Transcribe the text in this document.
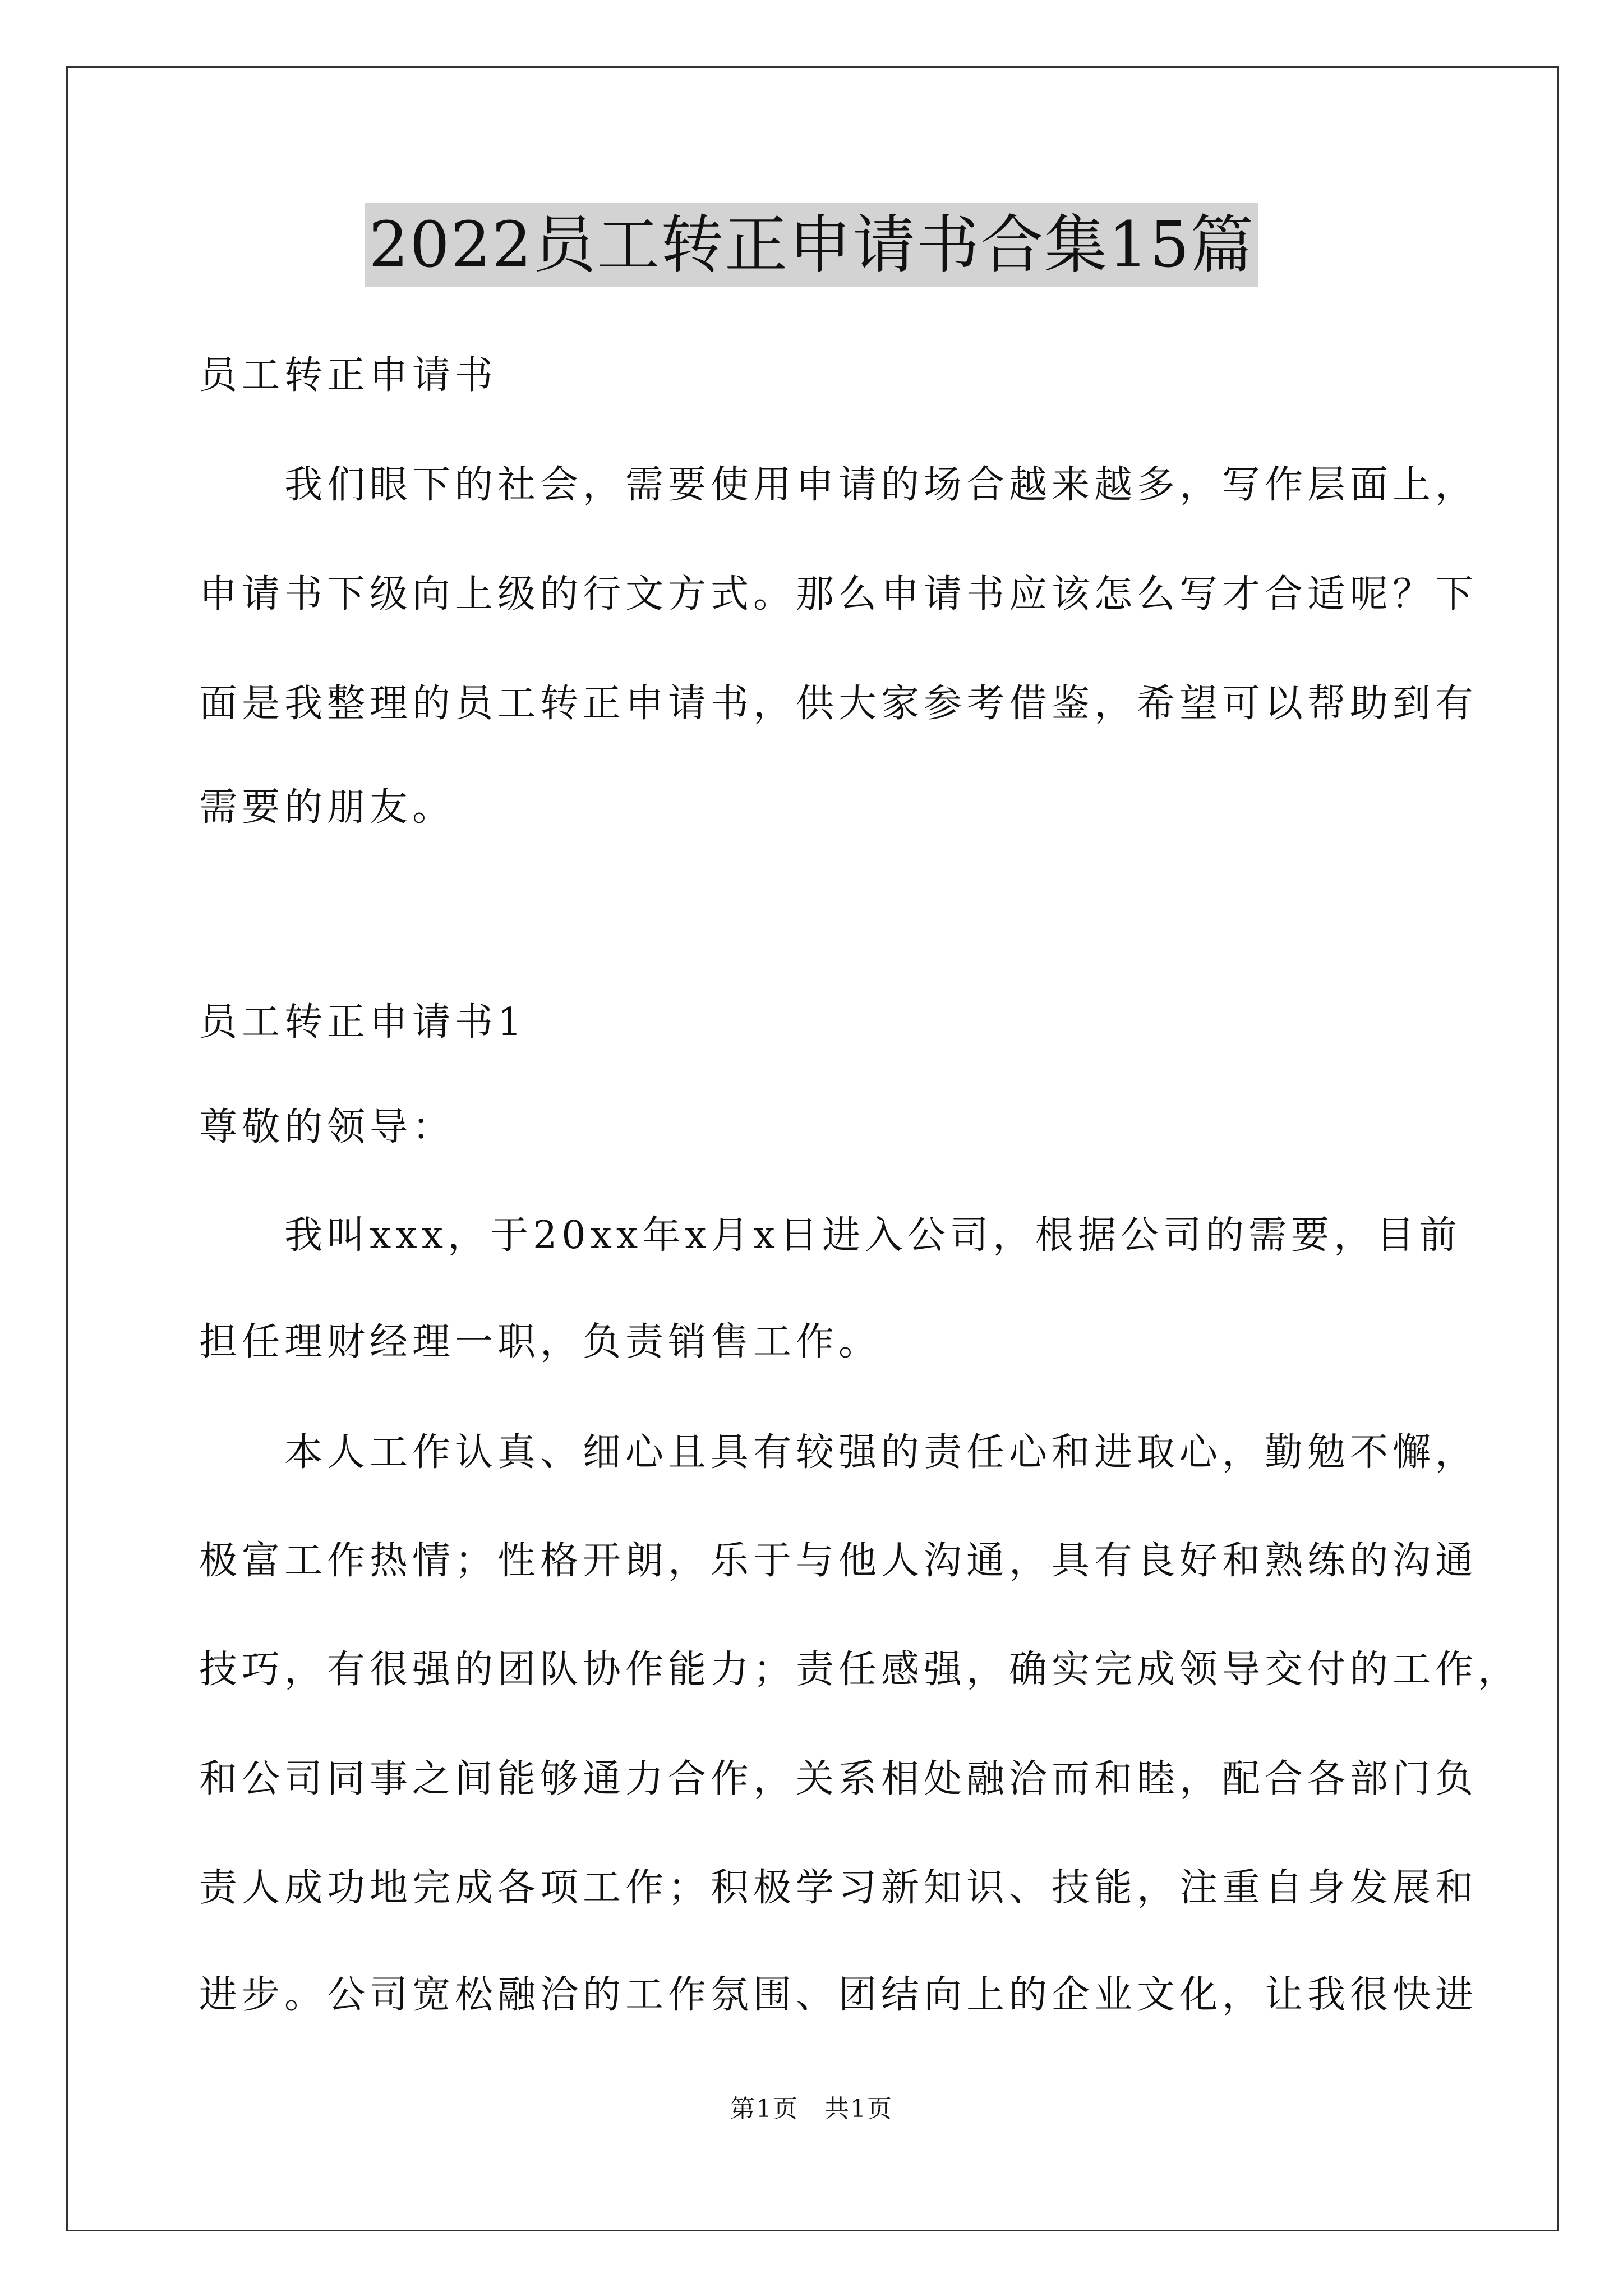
2022员工转正申请书合集15篇
员工转正申请书
　　我们眼下的社会，需要使用申请的场合越来越多，写作层面上，
申请书下级向上级的行文方式。那么申请书应该怎么写才合适呢？下
面是我整理的员工转正申请书，供大家参考借鉴，希望可以帮助到有
需要的朋友。
员工转正申请书1
尊敬的领导：
　　我叫xxx，于20xx年x月x日进入公司，根据公司的需要，目前
担任理财经理一职，负责销售工作。
　　本人工作认真、细心且具有较强的责任心和进取心，勤勉不懈，
极富工作热情；性格开朗，乐于与他人沟通，具有良好和熟练的沟通
技巧，有很强的团队协作能力；责任感强，确实完成领导交付的工作，
和公司同事之间能够通力合作，关系相处融洽而和睦，配合各部门负
责人成功地完成各项工作；积极学习新知识、技能，注重自身发展和
进步。公司宽松融洽的工作氛围、团结向上的企业文化，让我很快进
第1页　共1页
